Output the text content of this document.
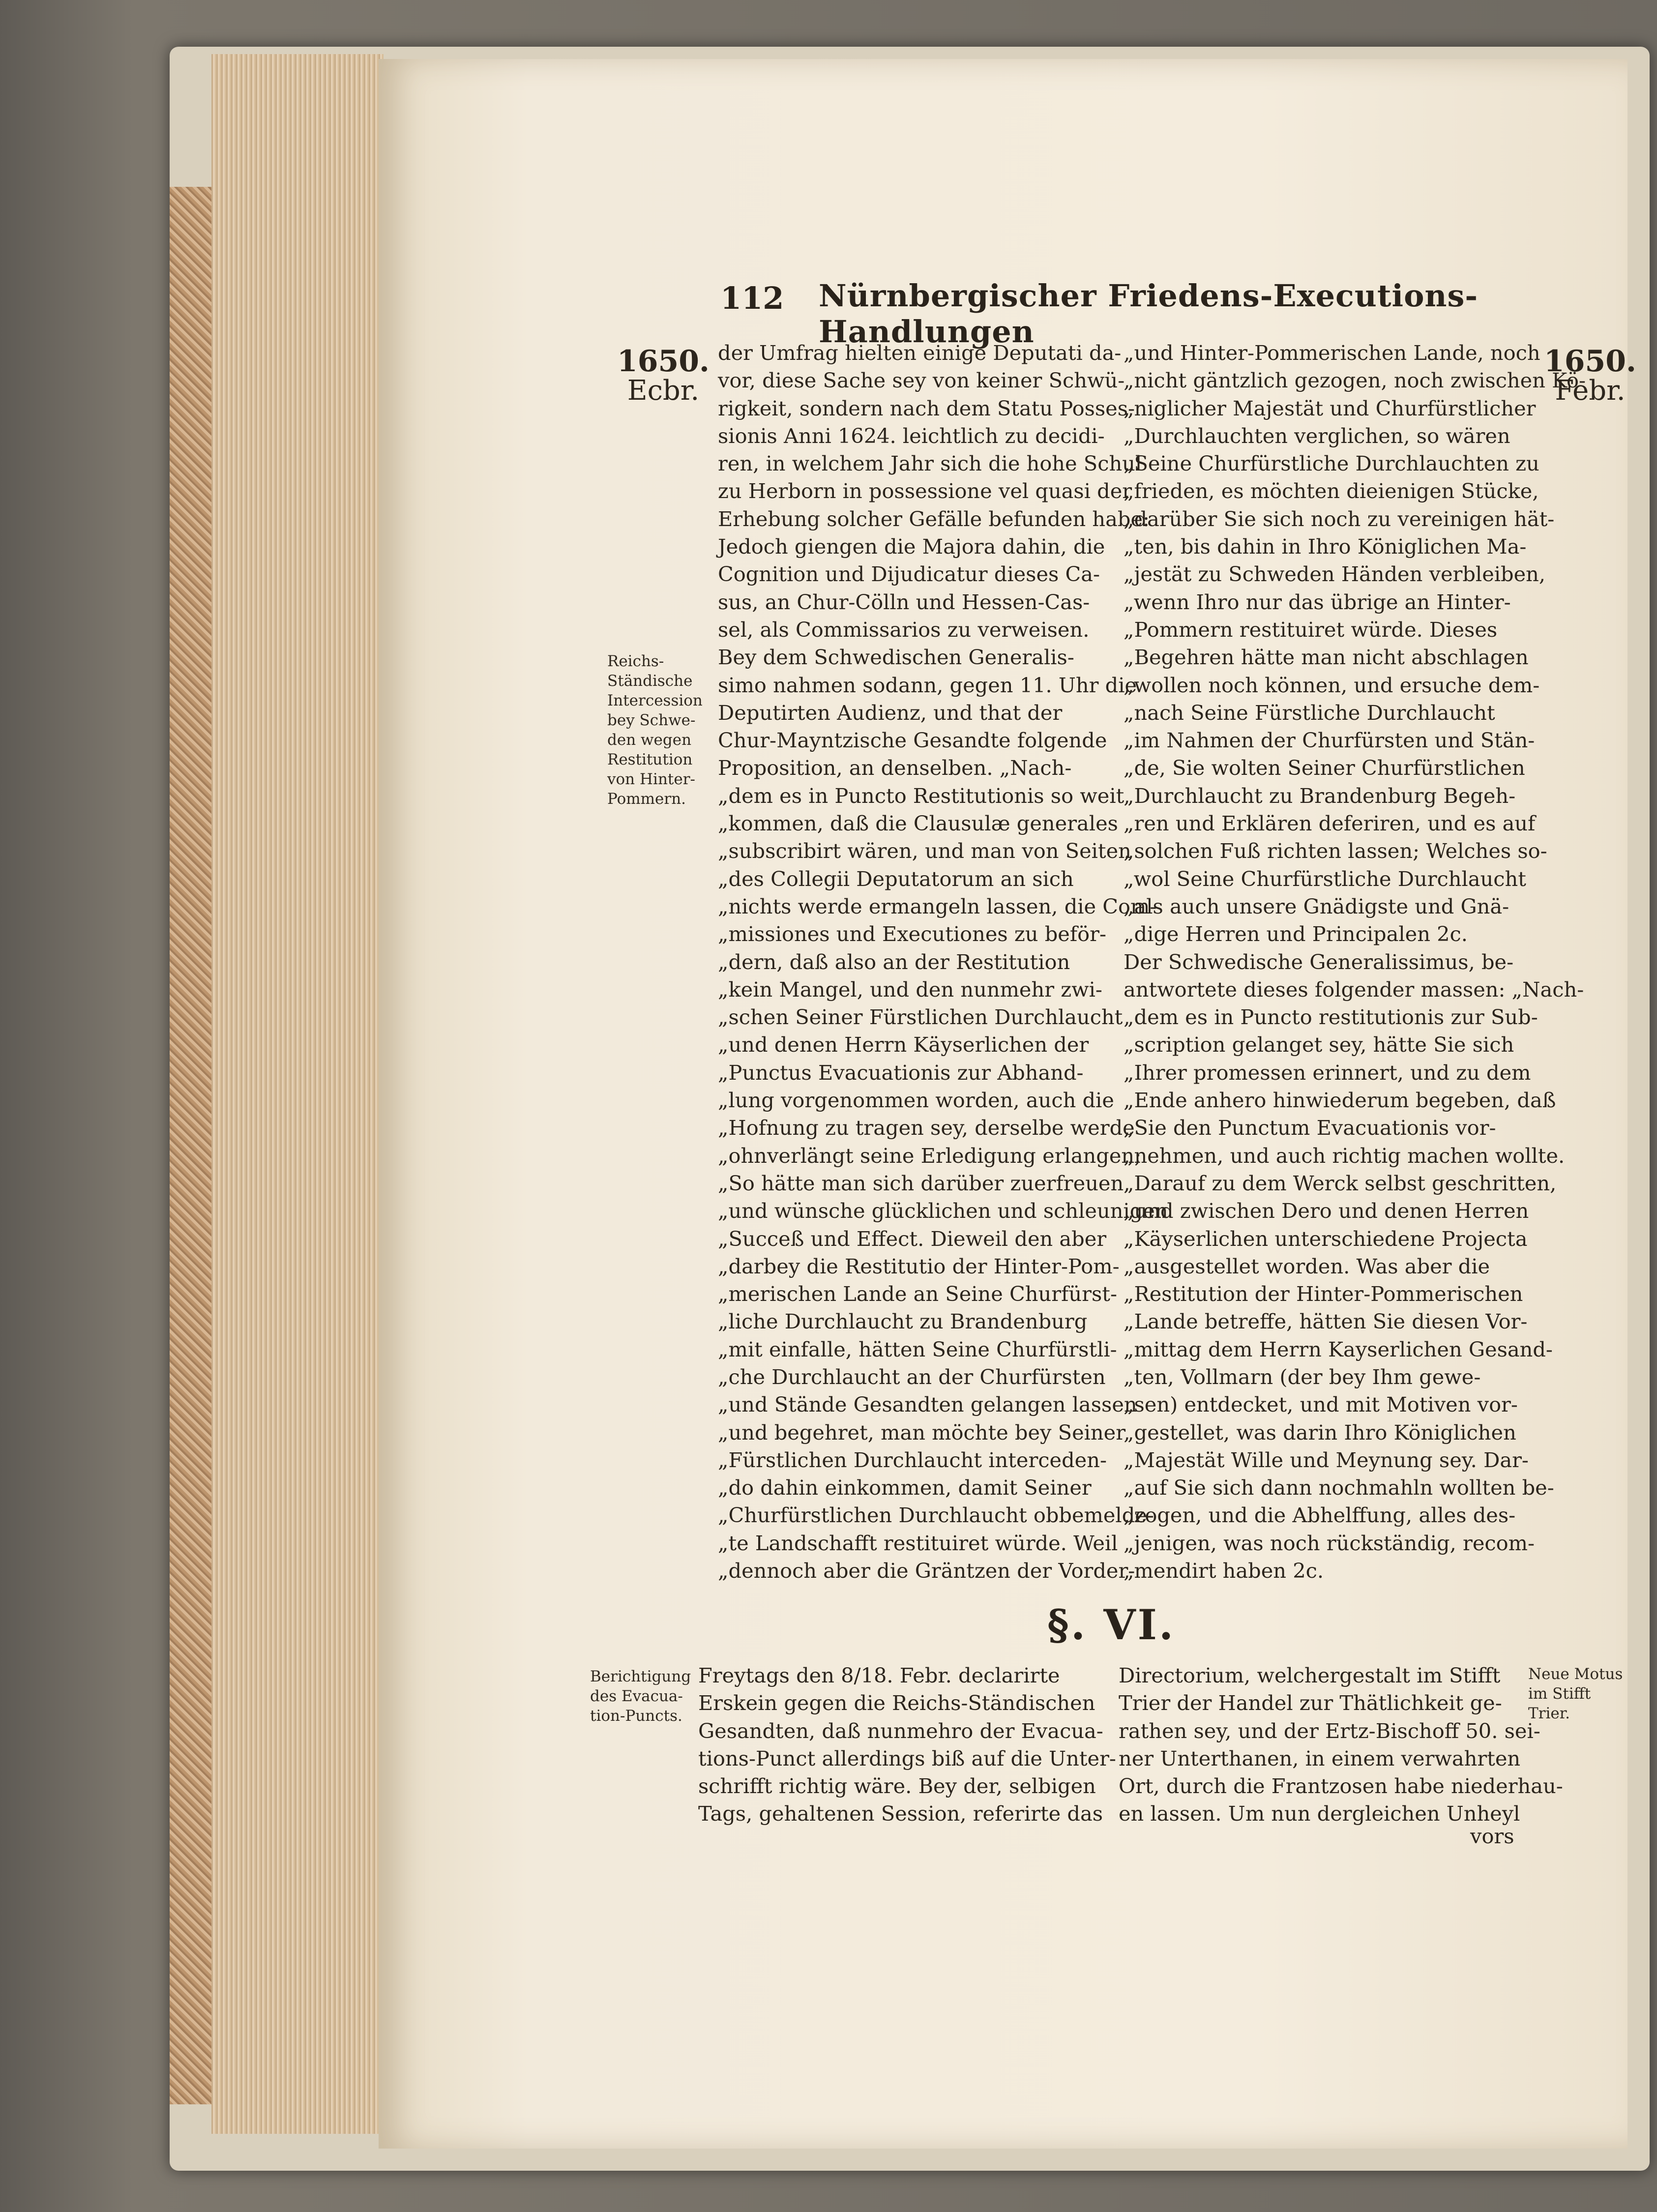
112 Nürnbergischer Friedens-Executions-Handlungen
1650.
Ecbr.
1650.
Febr.
Reichs-
Ständische
Intercession
bey Schwe-
den wegen
Restitution
von Hinter-
Pommern.
Berichtigung
des Evacua-
tion-Puncts.
Neue Motus
im Stifft
Trier.
der Umfrag hielten einige Deputati da-
vor, diese Sache sey von keiner Schwü-
rigkeit, sondern nach dem Statu Posses-
sionis Anni 1624. leichtlich zu decidi-
ren, in welchem Jahr sich die hohe Schul
zu Herborn in possessione vel quasi der
Erhebung solcher Gefälle befunden habe:
Jedoch giengen die Majora dahin, die
Cognition und Dijudicatur dieses Ca-
sus, an Chur-Cölln und Hessen-Cas-
sel, als Commissarios zu verweisen.
Bey dem Schwedischen Generalis-
simo nahmen sodann, gegen 11. Uhr die
Deputirten Audienz, und that der
Chur-Mayntzische Gesandte folgende
Proposition, an denselben. „Nach-
„dem es in Puncto Restitutionis so weit
„kommen, daß die Clausulæ generales
„subscribirt wären, und man von Seiten
„des Collegii Deputatorum an sich
„nichts werde ermangeln lassen, die Com-
„missiones und Executiones zu beför-
„dern, daß also an der Restitution
„kein Mangel, und den nunmehr zwi-
„schen Seiner Fürstlichen Durchlaucht
„und denen Herrn Käyserlichen der
„Punctus Evacuationis zur Abhand-
„lung vorgenommen worden, auch die
„Hofnung zu tragen sey, derselbe werde
„ohnverlängt seine Erledigung erlangen;
„So hätte man sich darüber zuerfreuen,
„und wünsche glücklichen und schleunigen
„Succeß und Effect. Dieweil den aber
„darbey die Restitutio der Hinter-Pom-
„merischen Lande an Seine Churfürst-
„liche Durchlaucht zu Brandenburg
„mit einfalle, hätten Seine Churfürstli-
„che Durchlaucht an der Churfürsten
„und Stände Gesandten gelangen lassen
„und begehret, man möchte bey Seiner
„Fürstlichen Durchlaucht interceden-
„do dahin einkommen, damit Seiner
„Churfürstlichen Durchlaucht obbemelde-
„te Landschafft restituiret würde. Weil
„dennoch aber die Gräntzen der Vorder-
„und Hinter-Pommerischen Lande, noch
„nicht gäntzlich gezogen, noch zwischen Kö-
„niglicher Majestät und Churfürstlicher
„Durchlauchten verglichen, so wären
„Seine Churfürstliche Durchlauchten zu
„frieden, es möchten dieienigen Stücke,
„darüber Sie sich noch zu vereinigen hät-
„ten, bis dahin in Ihro Königlichen Ma-
„jestät zu Schweden Händen verbleiben,
„wenn Ihro nur das übrige an Hinter-
„Pommern restituiret würde. Dieses
„Begehren hätte man nicht abschlagen
„wollen noch können, und ersuche dem-
„nach Seine Fürstliche Durchlaucht
„im Nahmen der Churfürsten und Stän-
„de, Sie wolten Seiner Churfürstlichen
„Durchlaucht zu Brandenburg Begeh-
„ren und Erklären deferiren, und es auf
„solchen Fuß richten lassen; Welches so-
„wol Seine Churfürstliche Durchlaucht
„als auch unsere Gnädigste und Gnä-
„dige Herren und Principalen 2c.
Der Schwedische Generalissimus, be-
antwortete dieses folgender massen: „Nach-
„dem es in Puncto restitutionis zur Sub-
„scription gelanget sey, hätte Sie sich
„Ihrer promessen erinnert, und zu dem
„Ende anhero hinwiederum begeben, daß
„Sie den Punctum Evacuationis vor-
„nehmen, und auch richtig machen wollte.
„Darauf zu dem Werck selbst geschritten,
„und zwischen Dero und denen Herren
„Käyserlichen unterschiedene Projecta
„ausgestellet worden. Was aber die
„Restitution der Hinter-Pommerischen
„Lande betreffe, hätten Sie diesen Vor-
„mittag dem Herrn Kayserlichen Gesand-
„ten, Vollmarn (der bey Ihm gewe-
„sen) entdecket, und mit Motiven vor-
„gestellet, was darin Ihro Königlichen
„Majestät Wille und Meynung sey. Dar-
„auf Sie sich dann nochmahln wollten be-
„zogen, und die Abhelffung, alles des-
„jenigen, was noch rückständig, recom-
„mendirt haben 2c.
§. VI.
Freytags den 8/18. Febr. declarirte
Erskein gegen die Reichs-Ständischen
Gesandten, daß nunmehro der Evacua-
tions-Punct allerdings biß auf die Unter-
schrifft richtig wäre. Bey der, selbigen
Tags, gehaltenen Session, referirte das
Directorium, welchergestalt im Stifft
Trier der Handel zur Thätlichkeit ge-
rathen sey, und der Ertz-Bischoff 50. sei-
ner Unterthanen, in einem verwahrten
Ort, durch die Frantzosen habe niederhau-
en lassen. Um nun dergleichen Unheyl
vors
